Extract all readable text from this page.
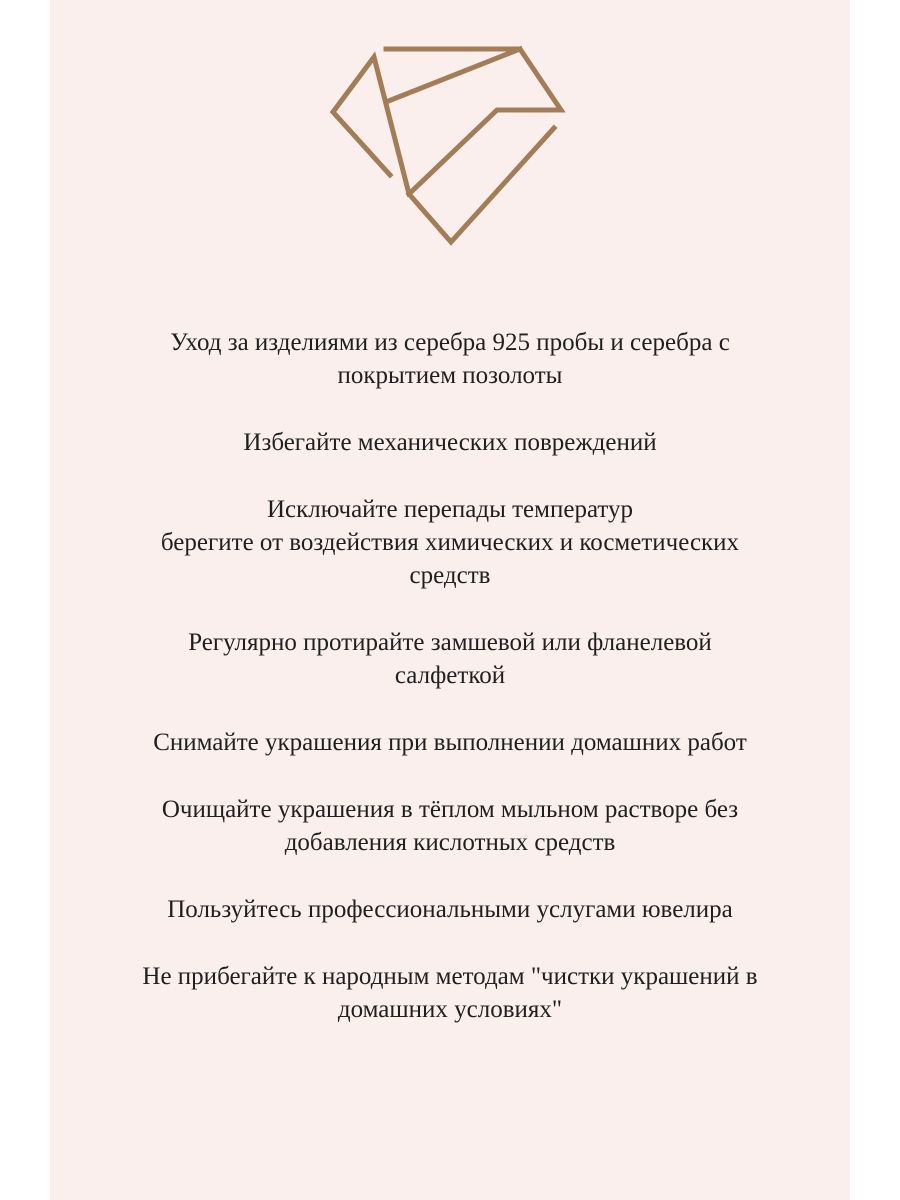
Уход за изделиями из серебра 925 пробы и серебра с
покрытием позолоты

Избегайте механических повреждений

Исключайте перепады температур
берегите от воздействия химических и косметических
средств

Регулярно протирайте замшевой или фланелевой
салфеткой

Снимайте украшения при выполнении домашних работ

Очищайте украшения в тёплом мыльном растворе без
добавления кислотных средств

Пользуйтесь профессиональными услугами ювелира

Не прибегайте к народным методам "чистки украшений в
домашних условиях"
